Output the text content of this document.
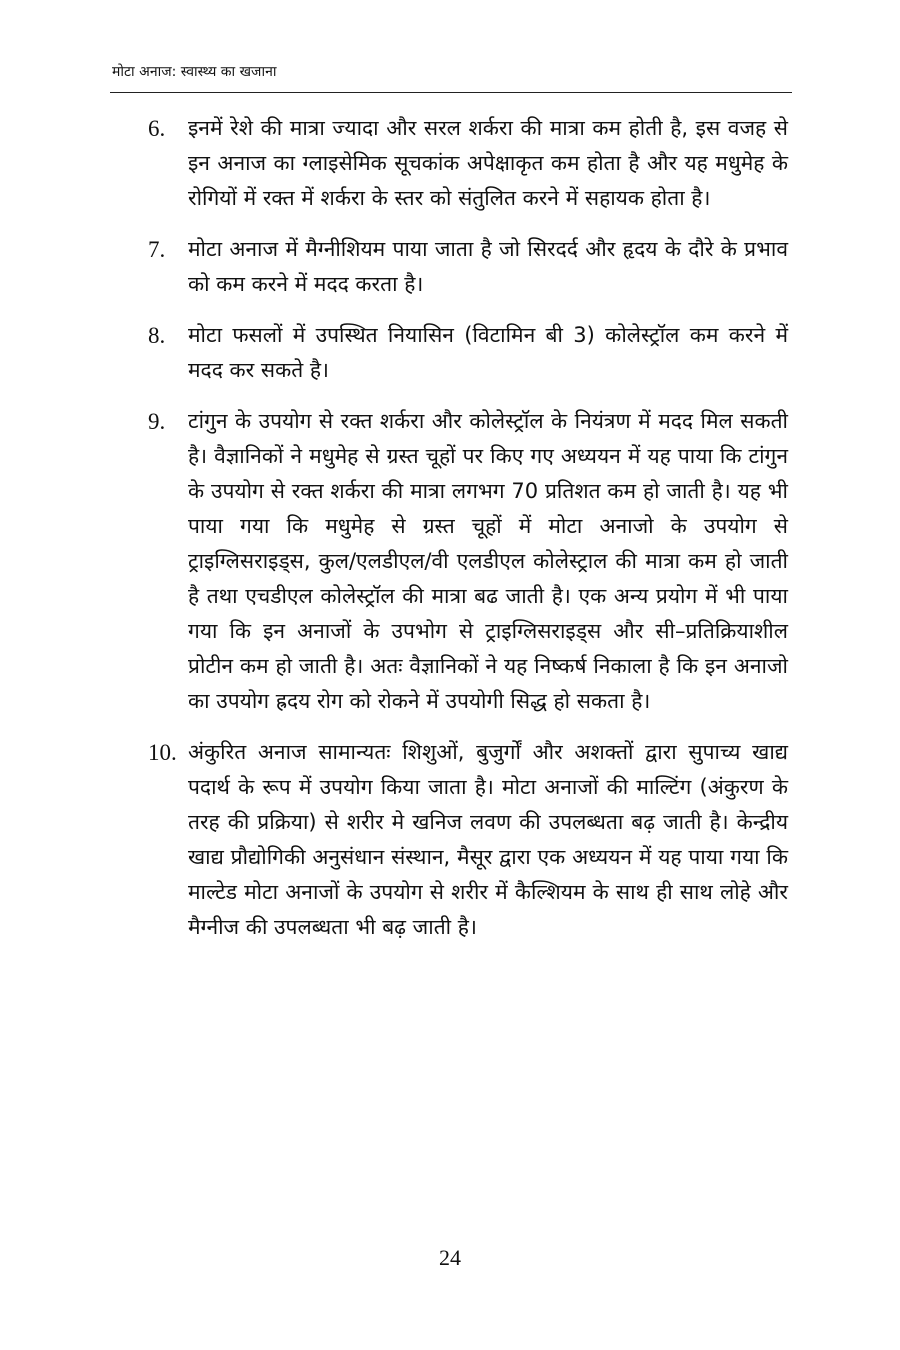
मोटा अनाज: स्वास्थ्य का खजाना
6. इनमें रेशे की मात्रा ज्यादा और सरल शर्करा की मात्रा कम होती है, इस वजह से इन अनाज का ग्लाइसेमिक सूचकांक अपेक्षाकृत कम होता है और यह मधुमेह के रोगियों में रक्त में शर्करा के स्तर को संतुलित करने में सहायक होता है।
7. मोटा अनाज में मैग्नीशियम पाया जाता है जो सिरदर्द और हृदय के दौरे के प्रभाव को कम करने में मदद करता है।
8. मोटा फसलों में उपस्थित नियासिन (विटामिन बी 3) कोलेस्ट्रॉल कम करने में मदद कर सकते है।
9. टांगुन के उपयोग से रक्त शर्करा और कोलेस्ट्रॉल के नियंत्रण में मदद मिल सकती है। वैज्ञानिकों ने मधुमेह से ग्रस्त चूहों पर किए गए अध्ययन में यह पाया कि टांगुन के उपयोग से रक्त शर्करा की मात्रा लगभग 70 प्रतिशत कम हो जाती है। यह भी पाया गया कि मधुमेह से ग्रस्त चूहों में मोटा अनाजो के उपयोग से ट्राइग्लिसराइड्स, कुल/एलडीएल/वी एलडीएल कोलेस्ट्राल की मात्रा कम हो जाती है तथा एचडीएल कोलेस्ट्रॉल की मात्रा बढ जाती है। एक अन्य प्रयोग में भी पाया गया कि इन अनाजों के उपभोग से ट्राइग्लिसराइड्स और सी–प्रतिक्रियाशील प्रोटीन कम हो जाती है। अतः वैज्ञानिकों ने यह निष्कर्ष निकाला है कि इन अनाजो का उपयोग ह्रदय रोग को रोकने में उपयोगी सिद्ध हो सकता है।
10. अंकुरित अनाज सामान्यतः शिशुओं, बुजुर्गों और अशक्तों द्वारा सुपाच्य खाद्य पदार्थ के रूप में उपयोग किया जाता है। मोटा अनाजों की माल्टिंग (अंकुरण के तरह की प्रक्रिया) से शरीर मे खनिज लवण की उपलब्धता बढ़ जाती है। केन्द्रीय खाद्य प्रौद्योगिकी अनुसंधान संस्थान, मैसूर द्वारा एक अध्ययन में यह पाया गया कि माल्टेड मोटा अनाजों के उपयोग से शरीर में कैल्शियम के साथ ही साथ लोहे और मैग्नीज की उपलब्धता भी बढ़ जाती है।
24
